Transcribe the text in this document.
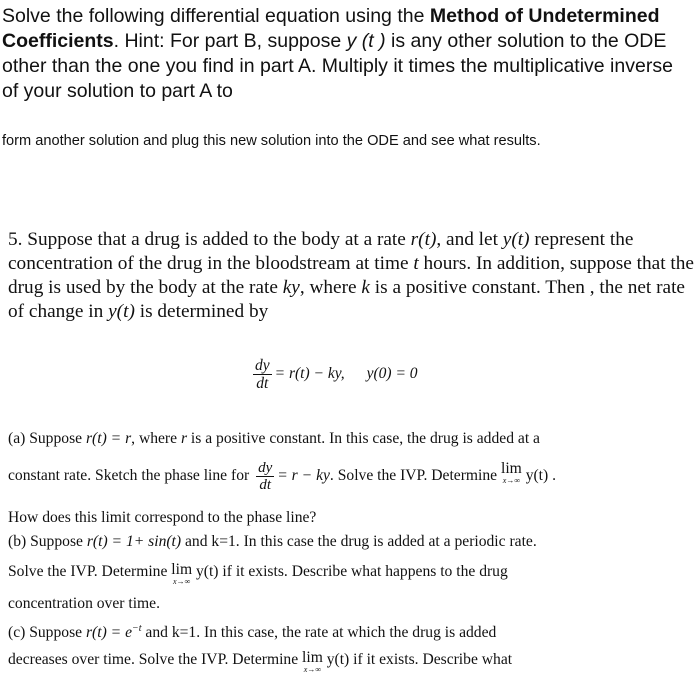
Solve the following differential equation using the Method of Undetermined Coefficients. Hint: For part B, suppose y (t ) is any other solution to the ODE other than the one you find in part A. Multiply it times the multiplicative inverse of your solution to part A to
form another solution and plug this new solution into the ODE and see what results.
5. Suppose that a drug is added to the body at a rate r(t), and let y(t) represent the concentration of the drug in the bloodstream at time t hours. In addition, suppose that the drug is used by the body at the rate ky, where k is a positive constant. Then , the net rate of change in y(t) is determined by
$\frac{dy}{dt} = r(t)$ − ky, y(0) = 0
(a) Suppose r(t) = r, where r is a positive constant. In this case, the drug is added at a
constant rate. Sketch the phase line for $\frac{dy}{dt} = r$ − ky. Solve the IVP. Determine lim
x→∞ y(t) .
How does this limit correspond to the phase line?
(b) Suppose r(t) = 1+ sin(t) and k=1. In this case the drug is added at a periodic rate.
Solve the IVP. Determine lim
x→∞
y(t) if it exists. Describe what happens to the drug
concentration over time.
(c) Suppose $r(t) = e^{-t}$ and k=1. In this case, the rate at which the drug is added
decreases over time. Solve the IVP. Determine lim
x→∞
y(t) if it exists. Describe what
